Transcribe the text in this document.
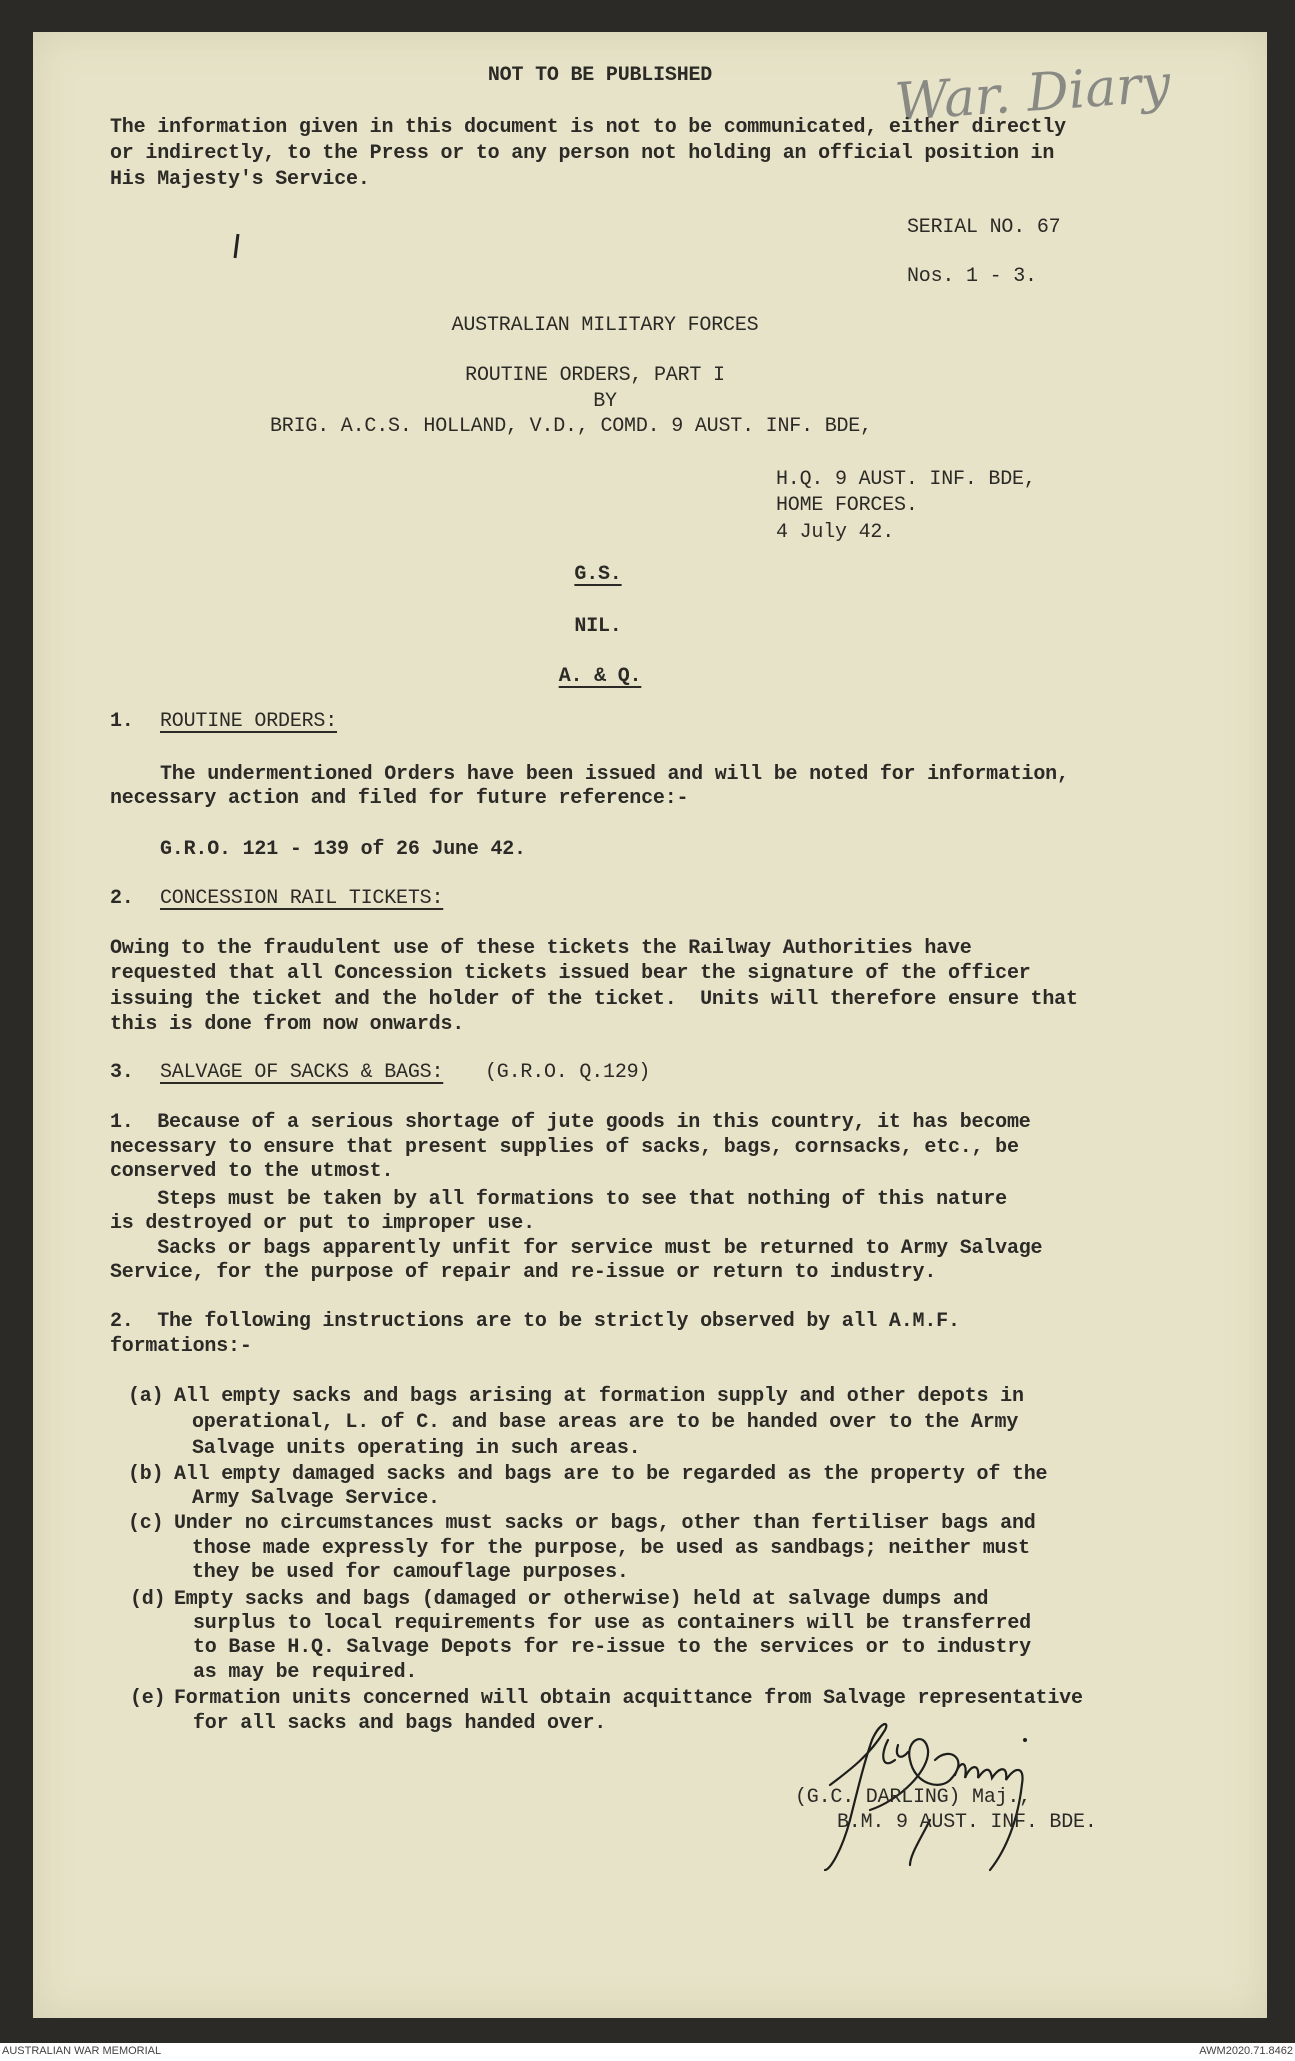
NOT TO BE PUBLISHED	War. Diary
The information given in this document is not to be communicated, either directly
or indirectly, to the Press or to any person not holding an official position in
His Majesty's Service.
SERIAL NO. 67
Nos. 1 - 3.
AUSTRALIAN MILITARY FORCES
ROUTINE ORDERS, PART I
BY
BRIG. A.C.S. HOLLAND, V.D., COMD. 9 AUST. INF. BDE,
H.Q. 9 AUST. INF. BDE,
HOME FORCES.
4 July 42.
G.S.
NIL.
A. & Q.
1. ROUTINE ORDERS:
The undermentioned Orders have been issued and will be noted for information,
necessary action and filed for future reference:-
G.R.O. 121 - 139 of 26 June 42.
2. CONCESSION RAIL TICKETS:
Owing to the fraudulent use of these tickets the Railway Authorities have
requested that all Concession tickets issued bear the signature of the officer
issuing the ticket and the holder of the ticket.  Units will therefore ensure that
this is done from now onwards.
3. SALVAGE OF SACKS & BAGS: (G.R.O. Q.129)
1.  Because of a serious shortage of jute goods in this country, it has become
necessary to ensure that present supplies of sacks, bags, cornsacks, etc., be
conserved to the utmost.
Steps must be taken by all formations to see that nothing of this nature
is destroyed or put to improper use.
Sacks or bags apparently unfit for service must be returned to Army Salvage
Service, for the purpose of repair and re-issue or return to industry.
2.  The following instructions are to be strictly observed by all A.M.F.
formations:-
(a) All empty sacks and bags arising at formation supply and other depots in
operational, L. of C. and base areas are to be handed over to the Army
Salvage units operating in such areas.
(b) All empty damaged sacks and bags are to be regarded as the property of the
Army Salvage Service.
(c) Under no circumstances must sacks or bags, other than fertiliser bags and
those made expressly for the purpose, be used as sandbags; neither must
they be used for camouflage purposes.
(d) Empty sacks and bags (damaged or otherwise) held at salvage dumps and
surplus to local requirements for use as containers will be transferred
to Base H.Q. Salvage Depots for re-issue to the services or to industry
as may be required.
(e) Formation units concerned will obtain acquittance from Salvage representative
for all sacks and bags handed over.
(G.C. DARLING) Maj.,
B.M. 9 AUST. INF. BDE.
AUSTRALIAN WAR MEMORIAL	AWM2020.71.8462
